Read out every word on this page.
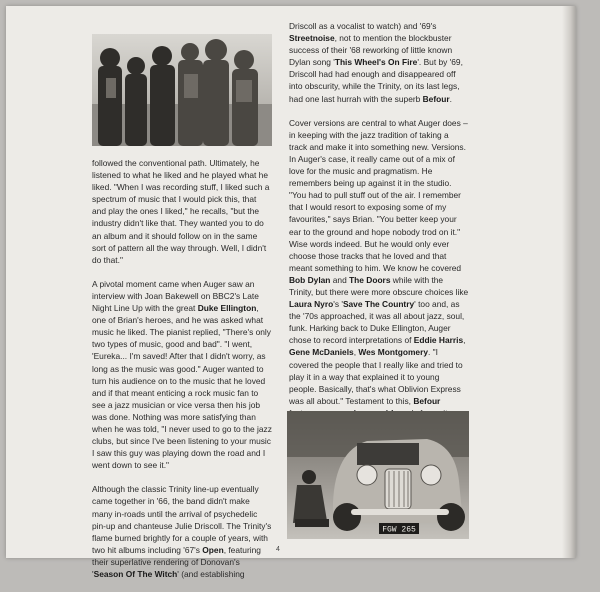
followed the conventional path. Ultimately, he listened to what he liked and he played what he liked. "When I was recording stuff, I liked such a spectrum of music that I would pick this, that and play the ones I liked," he recalls, "but the industry didn't like that. They wanted you to do an album and it should follow on in the same sort of pattern all the way through. Well, I didn't do that."

A pivotal moment came when Auger saw an interview with Joan Bakewell on BBC2's Late Night Line Up with the great Duke Ellington, one of Brian's heroes, and he was asked what music he liked. The pianist replied, "There's only two types of music, good and bad". "I went, 'Eureka... I'm saved! After that I didn't worry, as long as the music was good." Auger wanted to turn his audience on to the music that he loved and if that meant enticing a rock music fan to see a jazz musician or vice versa then his job was done. Nothing was more satisfying than when he was told, "I never used to go to the jazz clubs, but since I've been listening to your music I saw this guy was playing down the road and I went down to see it."

Although the classic Trinity line-up eventually came together in '66, the band didn't make many in-roads until the arrival of psychedelic pin-up and chanteuse Julie Driscoll. The Trinity's flame burned brightly for a couple of years, with two hit albums including '67's Open, featuring their superlative rendering of Donovan's 'Season Of The Witch' (and establishing

Driscoll as a vocalist to watch) and '69's Streetnoise, not to mention the blockbuster success of their '68 reworking of little known Dylan song 'This Wheel's On Fire'. But by '69, Driscoll had had enough and disappeared off into obscurity, while the Trinity, on its last legs, had one last hurrah with the superb Befour.

Cover versions are central to what Auger does – in keeping with the jazz tradition of taking a track and make it into something new. Versions. In Auger's case, it really came out of a mix of love for the music and pragmatism. He remembers being up against it in the studio. "You had to pull stuff out of the air. I remember that I would resort to exposing some of my favourites," says Brian. "You better keep your ear to the ground and hope nobody trod on it." Wise words indeed. But he would only ever choose those tracks that he loved and that meant something to him. We know he covered Bob Dylan and The Doors while with the Trinity, but there were more obscure choices like Laura Nyro's 'Save The Country' too and, as the '70s approached, it was all about jazz, soul, funk. Harking back to Duke Ellington, Auger chose to record interpretations of Eddie Harris, Gene McDaniels, Wes Montgomery. "I covered the people that I really like and tried to play it in a way that explained it to young people. Basically, that's what Oblivion Express was all about." Testament to this, Befour

FGW 265
4
